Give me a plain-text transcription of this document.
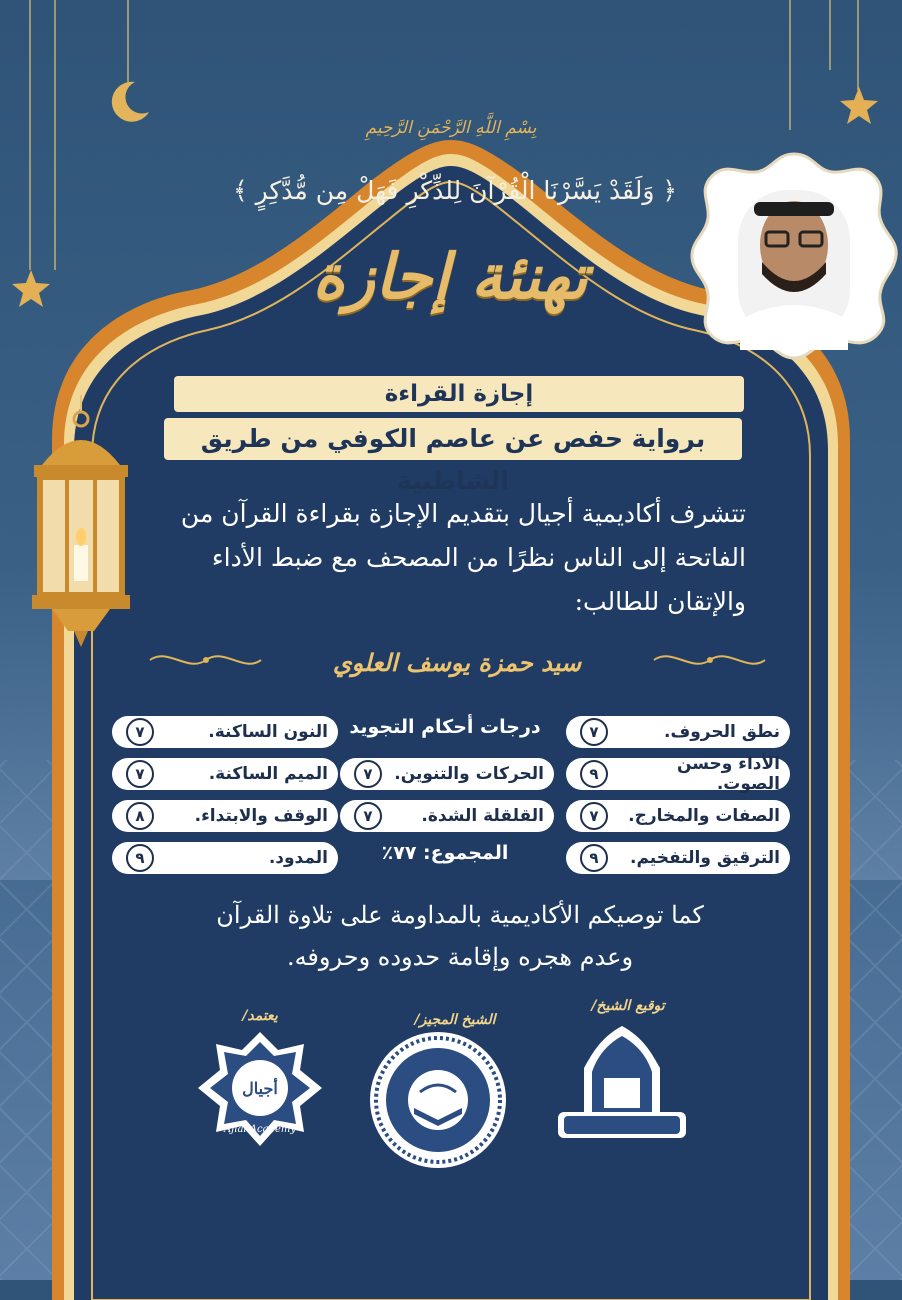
بِسْمِ اللَّهِ الرَّحْمَنِ الرَّحِيمِ
﴿ وَلَقَدْ يَسَّرْنَا الْقُرْآنَ لِلذِّكْرِ فَهَلْ مِن مُّدَّكِرٍ ﴾
تهنئة إجازة
إجازة القراءة
برواية حفص عن عاصم الكوفي من طريق الشاطبية
تتشرف أكاديمية أجيال بتقديم الإجازة بقراءة القرآن من الفاتحة إلى الناس نظرًا من المصحف مع ضبط الأداء والإتقان للطالب:
سيد حمزة يوسف العلوي
درجات أحكام التجويد	نطق الحروف.
٧
الأداء وحسن الصوت.
٩
الصفات والمخارج.
٧
الترقيق والتفخيم.
٩
الحركات والتنوين.
٧
القلقلة الشدة.
٧
المجموع: ٧٧٪
النون الساكنة.
٧
الميم الساكنة.
٧
الوقف والابتداء.
٨
المدود.
٩
كما توصيكم الأكاديمية بالمداومة على تلاوة القرآن وعدم هجره وإقامة حدوده وحروفه.
توقيع الشيخ/
الشيخ المجيز/
يعتمد/
أجيال
Ajial Academy
